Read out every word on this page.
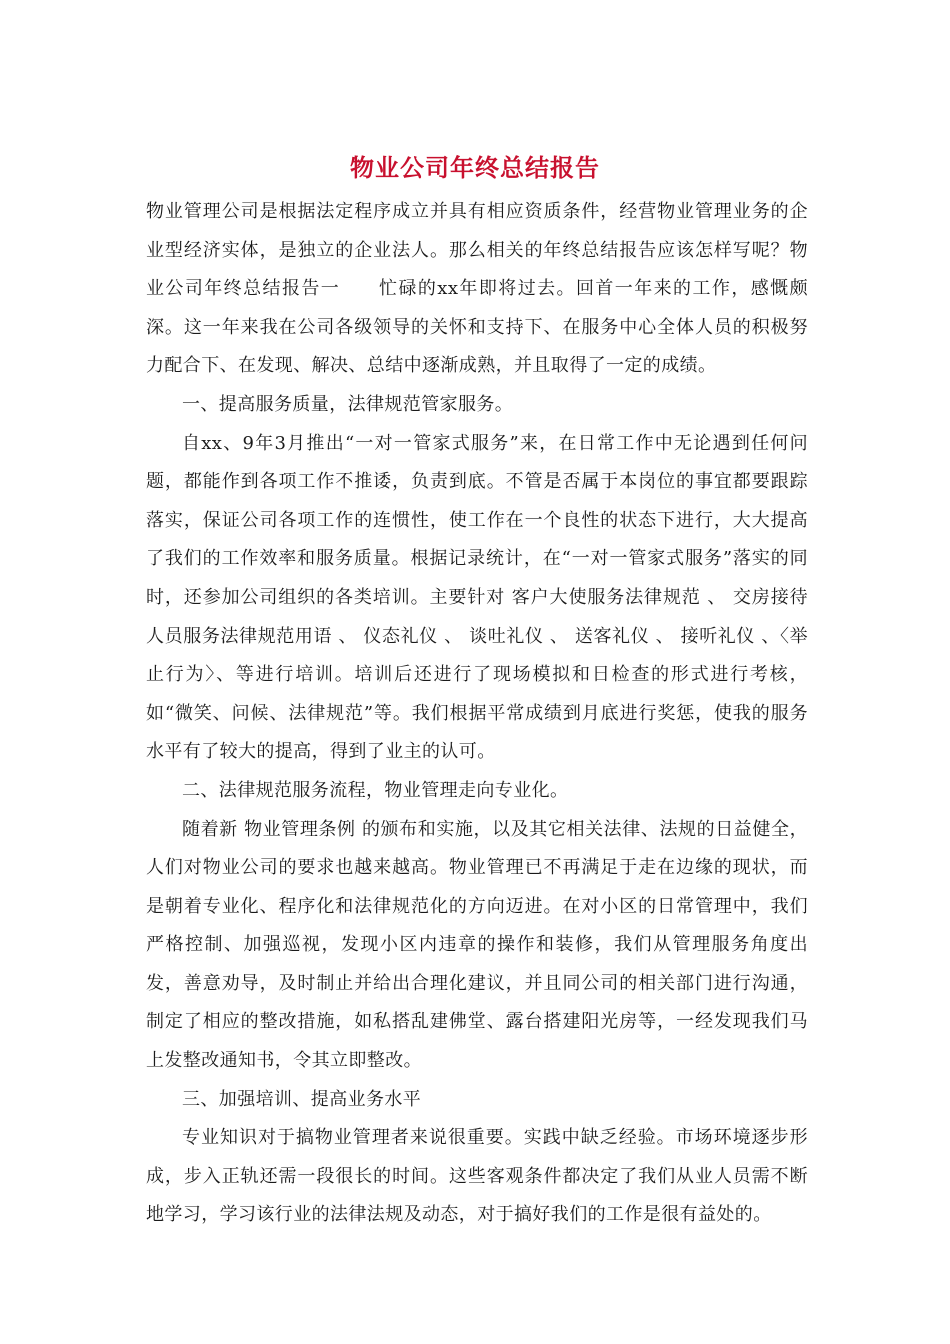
物业公司年终总结报告

物业管理公司是根据法定程序成立并具有相应资质条件，经营物业管理业务的企业型经济实体，是独立的企业法人。那么相关的年终总结报告应该怎样写呢？物业公司年终总结报告一　　忙碌的xx年即将过去。回首一年来的工作，感慨颇深。这一年来我在公司各级领导的关怀和支持下、在服务中心全体人员的积极努力配合下、在发现、解决、总结中逐渐成熟，并且取得了一定的成绩。

一、提高服务质量，法律规范管家服务。

自xx、9年3月推出“一对一管家式服务”来，在日常工作中无论遇到任何问题，都能作到各项工作不推诿，负责到底。不管是否属于本岗位的事宜都要跟踪落实，保证公司各项工作的连惯性，使工作在一个良性的状态下进行，大大提高了我们的工作效率和服务质量。根据记录统计，在“一对一管家式服务”落实的同时，还参加公司组织的各类培训。主要针对 客户大使服务法律规范 、 交房接待人员服务法律规范用语 、 仪态礼仪 、 谈吐礼仪 、 送客礼仪 、 接听礼仪 、〈举止行为〉、等进行培训。培训后还进行了现场模拟和日检查的形式进行考核，如“微笑、问候、法律规范”等。我们根据平常成绩到月底进行奖惩，使我的服务水平有了较大的提高，得到了业主的认可。

二、法律规范服务流程，物业管理走向专业化。

随着新 物业管理条例 的颁布和实施，以及其它相关法律、法规的日益健全，人们对物业公司的要求也越来越高。物业管理已不再满足于走在边缘的现状，而是朝着专业化、程序化和法律规范化的方向迈进。在对小区的日常管理中，我们严格控制、加强巡视，发现小区内违章的操作和装修，我们从管理服务角度出发，善意劝导，及时制止并给出合理化建议，并且同公司的相关部门进行沟通，制定了相应的整改措施，如私搭乱建佛堂、露台搭建阳光房等，一经发现我们马上发整改通知书，令其立即整改。

三、加强培训、提高业务水平

专业知识对于搞物业管理者来说很重要。实践中缺乏经验。市场环境逐步形成，步入正轨还需一段很长的时间。这些客观条件都决定了我们从业人员需不断地学习，学习该行业的法律法规及动态，对于搞好我们的工作是很有益处的。
